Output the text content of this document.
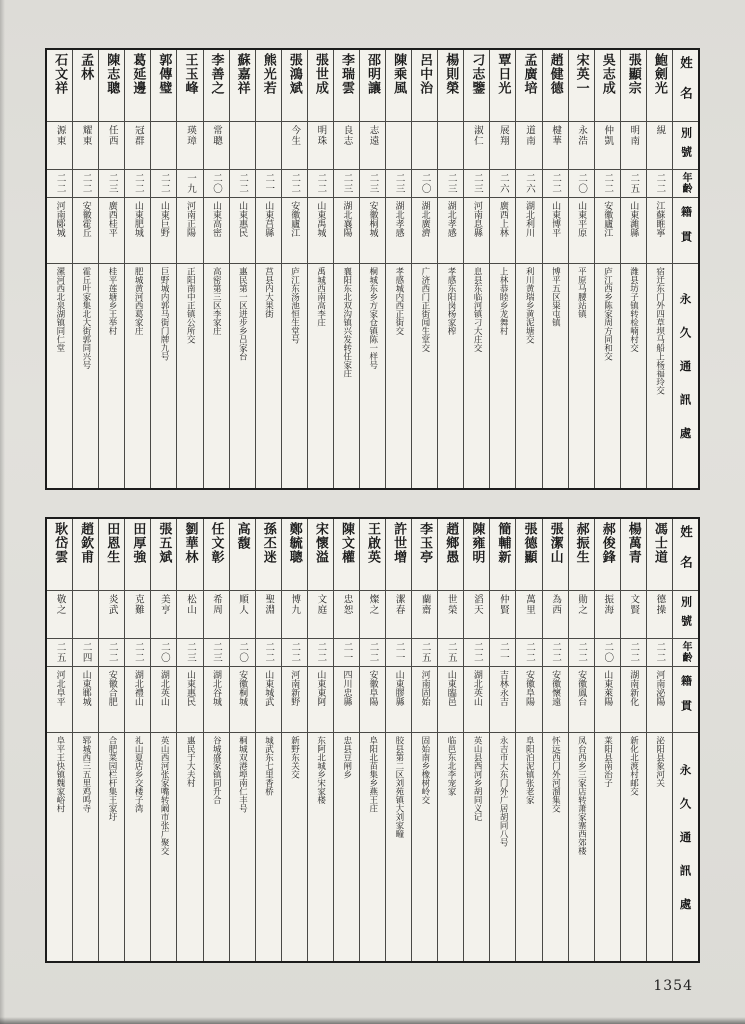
姓名
別號
年齡
籍貫
永久通訊處
鮑劍光
絸
二二
江蘇睢寧
宿迁东门外四草坝马船上杨福玲交
張顯宗
明南
二五
山東濰縣
潍县坊子镇转检喃村交
吳志成
仲凱
二二
安徽廬江
庐江西乡陈家周方同和交
宋英一
永浩
二〇
山東平原
平原马腰站镇
趙健德
楗華
二二
山東博平
博平五区粜屯镇
孟廣培
道南
二六
湖北利川
利川黄瑞乡黄泥塘交
覃日光
展翔
二六
廣西上林
上林恭睦乡龙舞村
刁志鑒
淑仁
二三
河南息縣
息县东临河镇刁大庄交
楊則榮
二三
湖北孝感
孝感东阳岗杨家榨
呂中治
二〇
湖北廣濟
广济西门正街闻生堂交
陳乘風
二三
湖北孝感
孝感城内西正街交
邵明讓
志遠
二三
安徽桐城
桐城东乡方家仓镇陈一样号
李瑞雲
良志
二三
湖北襄陽
襄阳东北双沟镇兴发转任家庄
張世成
明珠
二二
山東禹城
禹城西南高李庄
張鴻斌
今生
二二
安徽廬江
庐江东汤池恒生堂号
熊光若
二一
山東莒縣
莒县内大果街
蘇嘉祥
二二
山東惠民
惠民第一区进步乡吕家台
李善之
常聰
二〇
山東高密
高密第三区李家庄
王玉峰
瑛璋
一九
河南正陽
正阳南中正镇公所交
郭傳璧
二二
山東巨野
巨野城内郭马街门牌九号
葛延邊
冠群
二二
山東肥城
肥城黄河西葛家庄
陳志聰
任西
二三
廣西桂平
桂平莲塘乡王举村
孟林
耀東
二二
安徽霍丘
霍丘叶家集北大街郭同兴号
石文祥
源東
二二
河南郾城
漯河西北泉湖镇同仁堂
姓名
別號
年齡
籍貫
永久通訊處
馮士道
德操
二二
河南泌陽
泌阳县象河关
楊萬青
文賢
二二
湖南新化
新化北渡村邮交
郝俊鋒
振海
二〇
山東萊陽
莱阳县南治子
郝振生
勛之
二二
安徽鳳台
凤台西乡三家店转萧家寨西郊楼
張潔山
為西
二二
安徽懷遠
怀远西门外河溜集交
張德顯
萬里
二二
安徽阜陽
阜阳泊泥镇张老家
簡輔新
仲賢
二一
吉林永吉
永吉市大东门外广居胡同八号
陳雍明
滔天
二二
湖北英山
英山县西河乡胡同义记
趙鄉愚
世榮
二五
山東臨邑
临邑东北李宠家
李玉亭
蘭齋
二五
河南固始
固始南乡橡树岭交
許世增
潔春
二一
山東膠縣
胶县第二区刘苑镇大刘家疃
王啟英
燦之
二二
安徽阜陽
阜阳北苗集乡燕王庄
陳文權
忠恕
二一
四川忠縣
忠县豆闸乡
宋懷溢
文庭
二二
山東東阿
东阿北城乡宋家楼
鄭毓聰
博九
二二
河南新野
新野东关交
孫丕迷
聖淵
二二
山東城武
城武东七里香桥
高馥
順人
二〇
安徽桐城
桐城双港埠南仁丰号
任文彰
希周
二三
湖北谷城
谷城盛家镇同升合
劉華林
松山
二三
山東惠民
惠民于大夫村
張五斌
美亨
二〇
湖北英山
英山西河张家嘴转阚市张广聚交
田厚強
克難
二二
湖北禮山
礼山夏店乡交楼子湾
田恩生
炎武
二二
安徽合肥
合肥菜园栏杆集王家圩
趙欽甫
二四
山東鄆城
郓城西三五里鸡鸣寺
耿岱雲
敬之
二五
河北阜平
阜平王快镇魏家峪村
1354
